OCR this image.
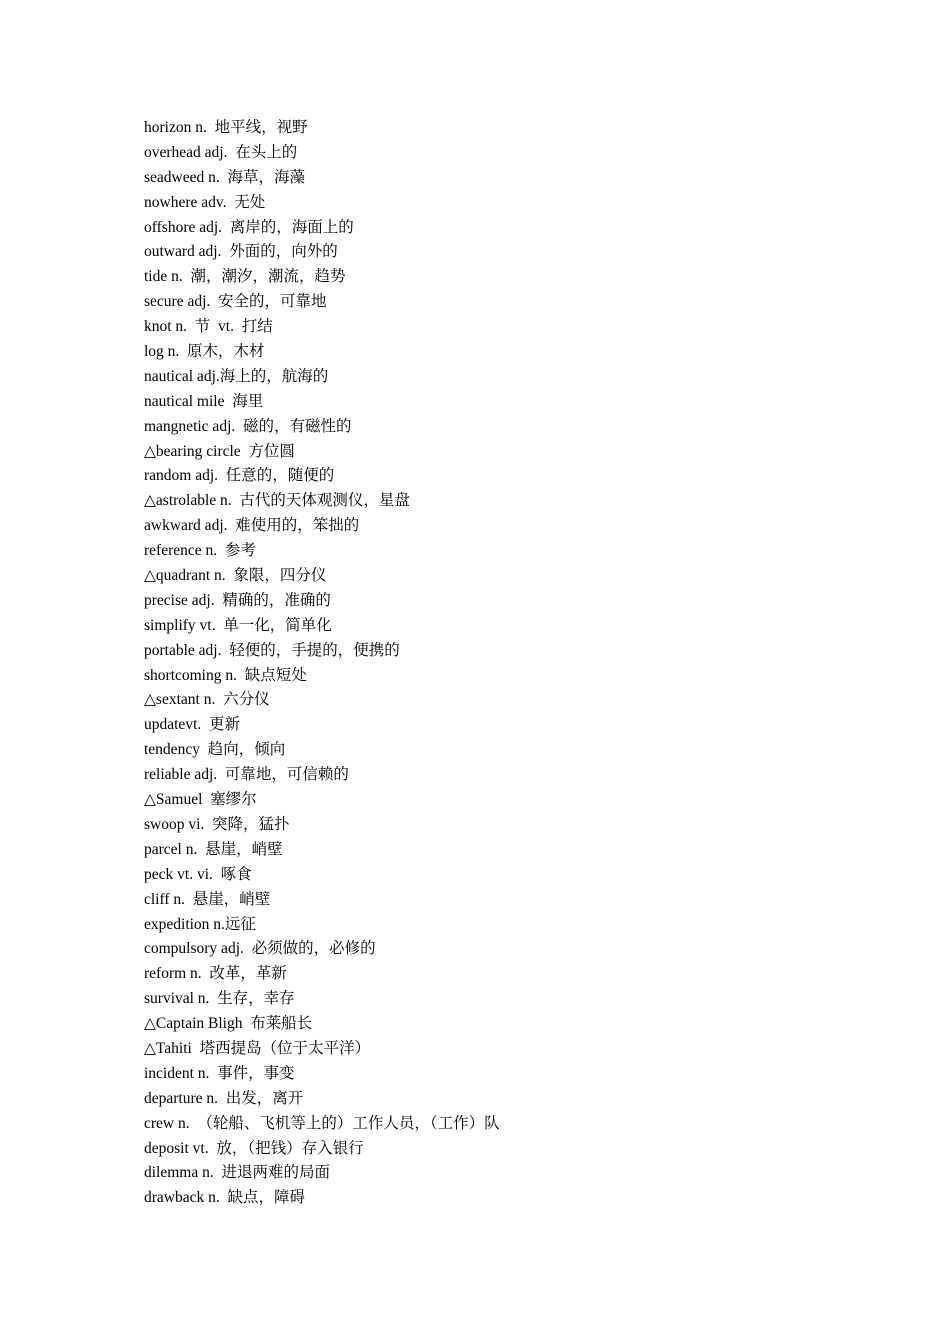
horizon n.  地平线，视野
overhead adj.  在头上的
seadweed n.  海草，海藻
nowhere adv.  无处
offshore adj.  离岸的，海面上的
outward adj.  外面的，向外的
tide n.  潮，潮汐，潮流，趋势
secure adj.  安全的，可靠地
knot n.  节  vt.  打结
log n.  原木，木材
nautical adj.海上的，航海的
nautical mile  海里
mangnetic adj.  磁的，有磁性的
△bearing circle  方位圆
random adj.  任意的，随便的
△astrolable n.  古代的天体观测仪，星盘
awkward adj.  难使用的，笨拙的
reference n.  参考
△quadrant n.  象限，四分仪
precise adj.  精确的，准确的
simplify vt.  单一化，简单化
portable adj.  轻便的，手提的，便携的
shortcoming n.  缺点短处
△sextant n.  六分仪
updatevt.  更新
tendency  趋向，倾向
reliable adj.  可靠地，可信赖的
△Samuel  塞缪尔
swoop vi.  突降，猛扑
parcel n.  悬崖，峭壁
peck vt. vi.  啄食
cliff n.  悬崖，峭壁
expedition n.远征
compulsory adj.  必须做的，必修的
reform n.  改革，革新
survival n.  生存，幸存
△Captain Bligh  布莱船长
△Tahiti  塔西提岛（位于太平洋）
incident n.  事件，事变
departure n.  出发，离开
crew n.  （轮船、飞机等上的）工作人员，（工作）队
deposit vt.  放，（把钱）存入银行
dilemma n.  进退两难的局面
drawback n.  缺点，障碍
